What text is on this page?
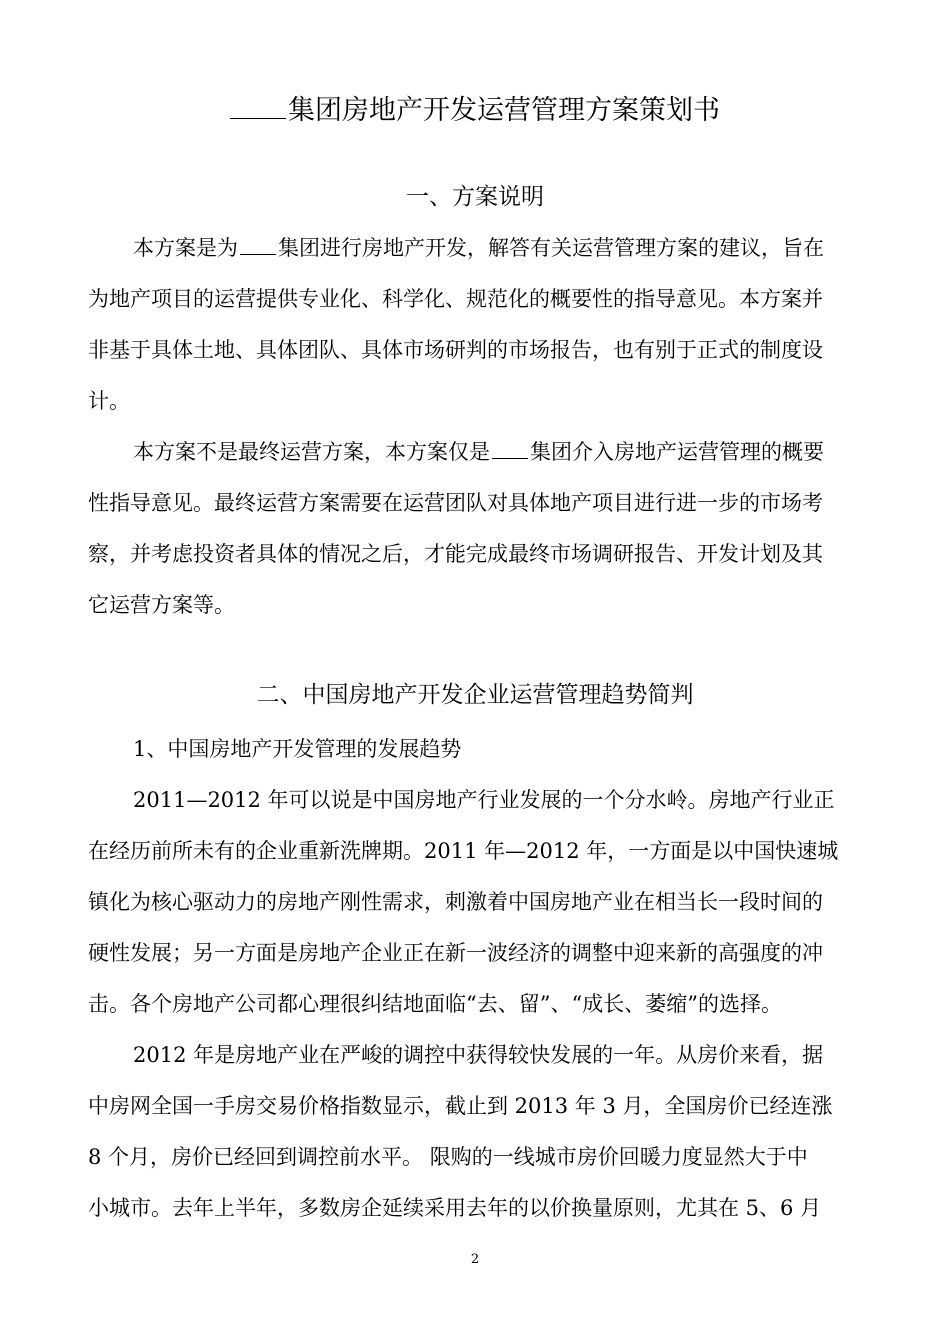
集团房地产开发运营管理方案策划书
一、方案说明
本方案是为 集团进行房地产开发，解答有关运营管理方案的建议，旨在
为地产项目的运营提供专业化、科学化、规范化的概要性的指导意见。本方案并
非基于具体土地、具体团队、具体市场研判的市场报告，也有别于正式的制度设
计。
本方案不是最终运营方案，本方案仅是 集团介入房地产运营管理的概要
性指导意见。最终运营方案需要在运营团队对具体地产项目进行进一步的市场考
察，并考虑投资者具体的情况之后，才能完成最终市场调研报告、开发计划及其
它运营方案等。
二、中国房地产开发企业运营管理趋势简判
1、中国房地产开发管理的发展趋势
2011—2012 年可以说是中国房地产行业发展的一个分水岭。房地产行业正
在经历前所未有的企业重新洗牌期。2011 年—2012 年，一方面是以中国快速城
镇化为核心驱动力的房地产刚性需求，刺激着中国房地产业在相当长一段时间的
硬性发展；另一方面是房地产企业正在新一波经济的调整中迎来新的高强度的冲
击。各个房地产公司都心理很纠结地面临“去、留”、“成长、萎缩”的选择。
2012 年是房地产业在严峻的调控中获得较快发展的一年。从房价来看，据
中房网全国一手房交易价格指数显示，截止到 2013 年 3 月，全国房价已经连涨
8 个月，房价已经回到调控前水平。 限购的一线城市房价回暖力度显然大于中
小城市。去年上半年，多数房企延续采用去年的以价换量原则，尤其在 5、6 月
2
